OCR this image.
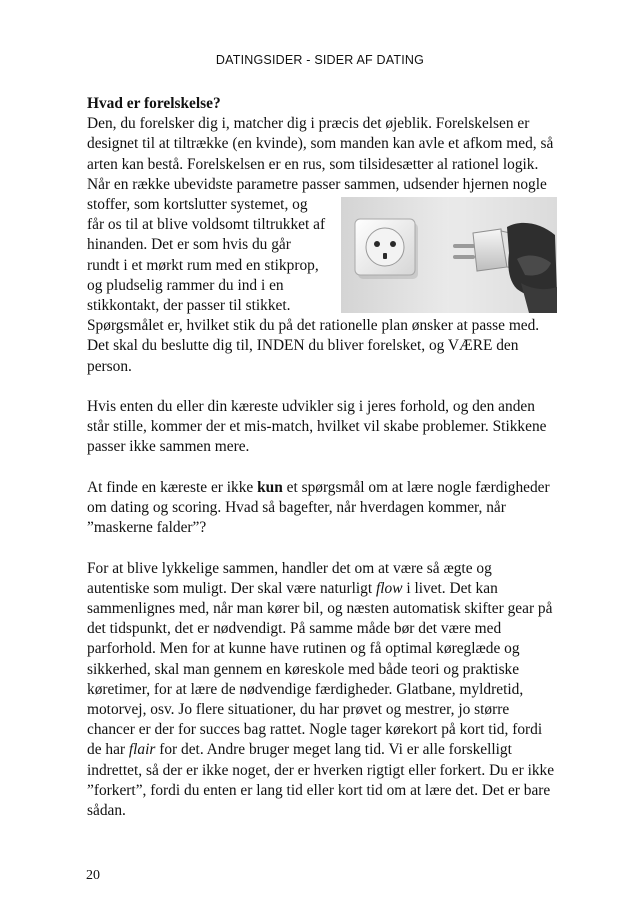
DATINGSIDER - SIDER AF DATING

Hvad er forelskelse?

Den, du forelsker dig i, matcher dig i præcis det øjeblik. Forelskelsen er designet til at tiltrække (en kvinde), som manden kan avle et afkom med, så arten kan bestå. Forelskelsen er en rus, som tilsidesætter al rationel logik. Når en række ubevidste parametre passer sammen, udsender hjernen nogle stoffer, som kortslutter systemet, og får os til at blive voldsomt tiltrukket af hinanden. Det er som hvis du går rundt i et mørkt rum med en stikprop, og pludselig rammer du ind i en stikkontakt, der passer til stikket. Spørgsmålet er, hvilket stik du på det rationelle plan ønsker at passe med. Det skal du beslutte dig til, INDEN du bliver forelsket, og VÆRE den person.

Hvis enten du eller din kæreste udvikler sig i jeres forhold, og den anden står stille, kommer der et mis-match, hvilket vil skabe problemer. Stikkene passer ikke sammen mere.

At finde en kæreste er ikke kun et spørgsmål om at lære nogle færdigheder om dating og scoring. Hvad så bagefter, når hverdagen kommer, når ”maskerne falder”?

For at blive lykkelige sammen, handler det om at være så ægte og autentiske som muligt. Der skal være naturligt flow i livet. Det kan sammenlignes med, når man kører bil, og næsten automatisk skifter gear på det tidspunkt, det er nødvendigt. På samme måde bør det være med parforhold. Men for at kunne have rutinen og få optimal køreglæde og sikkerhed, skal man gennem en køreskole med både teori og praktiske køretimer, for at lære de nødvendige færdigheder. Glatbane, myldretid, motorvej, osv. Jo flere situationer, du har prøvet og mestrer, jo større chancer er der for succes bag rattet. Nogle tager kørekort på kort tid, fordi de har flair for det. Andre bruger meget lang tid. Vi er alle forskelligt indrettet, så der er ikke noget, der er hverken rigtigt eller forkert. Du er ikke ”forkert”, fordi du enten er lang tid eller kort tid om at lære det. Det er bare sådan.

20
